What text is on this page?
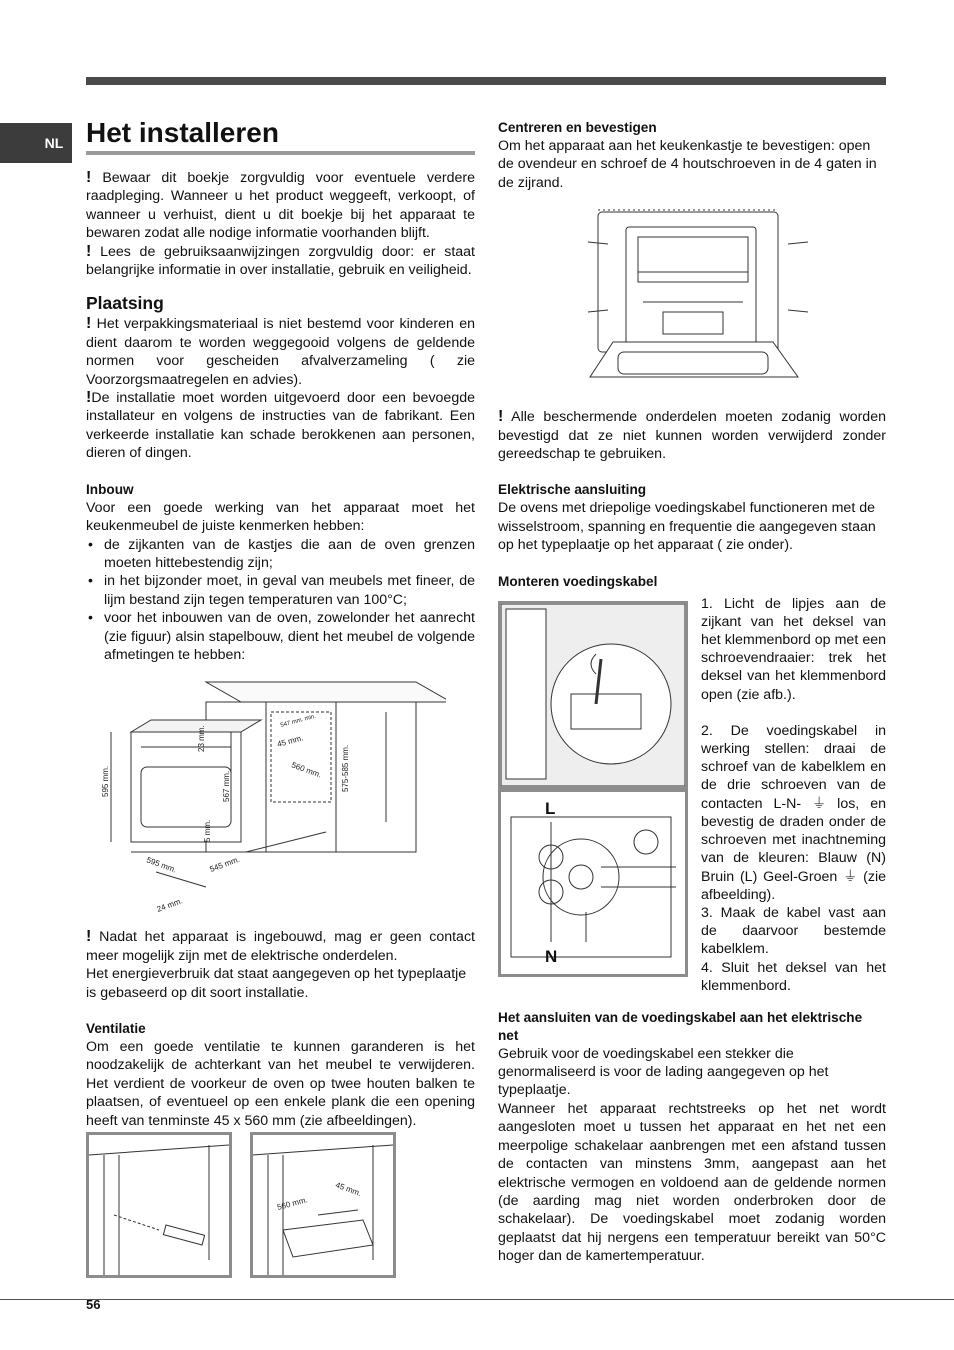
NL Het installeren

! Bewaar dit boekje zorgvuldig voor eventuele verdere raadpleging. Wanneer u het product weggeeft, verkoopt, of wanneer u verhuist, dient u dit boekje bij het apparaat te bewaren zodat alle nodige informatie voorhanden blijft.

! Lees de gebruiksaanwijzingen zorgvuldig door: er staat belangrijke informatie in over installatie, gebruik en veiligheid.

Plaatsing

! Het verpakkingsmateriaal is niet bestemd voor kinderen en dient daarom te worden weggegooid volgens de geldende normen voor gescheiden afvalverzameling ( zie Voorzorgsmaatregelen en advies).

!De installatie moet worden uitgevoerd door een bevoegde installateur en volgens de instructies van de fabrikant. Een verkeerde installatie kan schade berokkenen aan personen, dieren of dingen.

Inbouw

Voor een goede werking van het apparaat moet het keukenmeubel de juiste kenmerken hebben:

• de zijkanten van de kastjes die aan de oven grenzen moeten hittebestendig zijn;
• in het bijzonder moet, in geval van meubels met fineer, de lijm bestand zijn tegen temperaturen van 100°C;
• voor het inbouwen van de oven, zowelonder het aanrecht (zie figuur) alsin stapelbouw, dient het meubel de volgende afmetingen te hebben:
595 mm.
23 mm.
567 mm.
5 mm.
595 mm.	545 mm.
24 mm.
547 mm. min.
45 mm.
560 mm. 575-585 mm.

! Nadat het apparaat is ingebouwd, mag er geen contact meer mogelijk zijn met de elektrische onderdelen.

Het energieverbruik dat staat aangegeven op het typeplaatje is gebaseerd op dit soort installatie.

Ventilatie

Om een goede ventilatie te kunnen garanderen is het noodzakelijk de achterkant van het meubel te verwijderen. Het verdient de voorkeur de oven op twee houten balken te plaatsen, of eventueel op een enkele plank die een opening heeft van tenminste 45 x 560 mm (zie afbeeldingen).

560 mm.
45 mm.
Centreren en bevestigen

Om het apparaat aan het keukenkastje te bevestigen: open de ovendeur en schroef de 4 houtschroeven in de 4 gaten in de zijrand.

! Alle beschermende onderdelen moeten zodanig worden bevestigd dat ze niet kunnen worden verwijderd zonder gereedschap te gebruiken.

Elektrische aansluiting

De ovens met driepolige voedingskabel functioneren met de wisselstroom, spanning en frequentie die aangegeven staan op het typeplaatje op het apparaat ( zie onder).

Monteren voedingskabel
L
N

1. Licht de lipjes aan de zijkant van het deksel van het klemmenbord op met een schroevendraaier: trek het deksel van het klemmenbord open (zie afb.).

2. De voedingskabel in werking stellen: draai de schroef van de kabelklem en de drie schroeven van de contacten L-N- ⏚ los, en bevestig de draden onder de schroeven met inachtneming van de kleuren: Blauw (N) Bruin (L) Geel-Groen ⏚ (zie afbeelding).

3. Maak de kabel vast aan de daarvoor bestemde kabelklem.

4. Sluit het deksel van het klemmenbord.

Het aansluiten van de voedingskabel aan het elektrische net

Gebruik voor de voedingskabel een stekker die genormaliseerd is voor de lading aangegeven op het typeplaatje.

Wanneer het apparaat rechtstreeks op het net wordt aangesloten moet u tussen het apparaat en het net een meerpolige schakelaar aanbrengen met een afstand tussen de contacten van minstens 3mm, aangepast aan het elektrische vermogen en voldoend aan de geldende normen (de aarding mag niet worden onderbroken door de schakelaar). De voedingskabel moet zodanig worden geplaatst dat hij nergens een temperatuur bereikt van 50°C hoger dan de kamertemperatuur.

56
